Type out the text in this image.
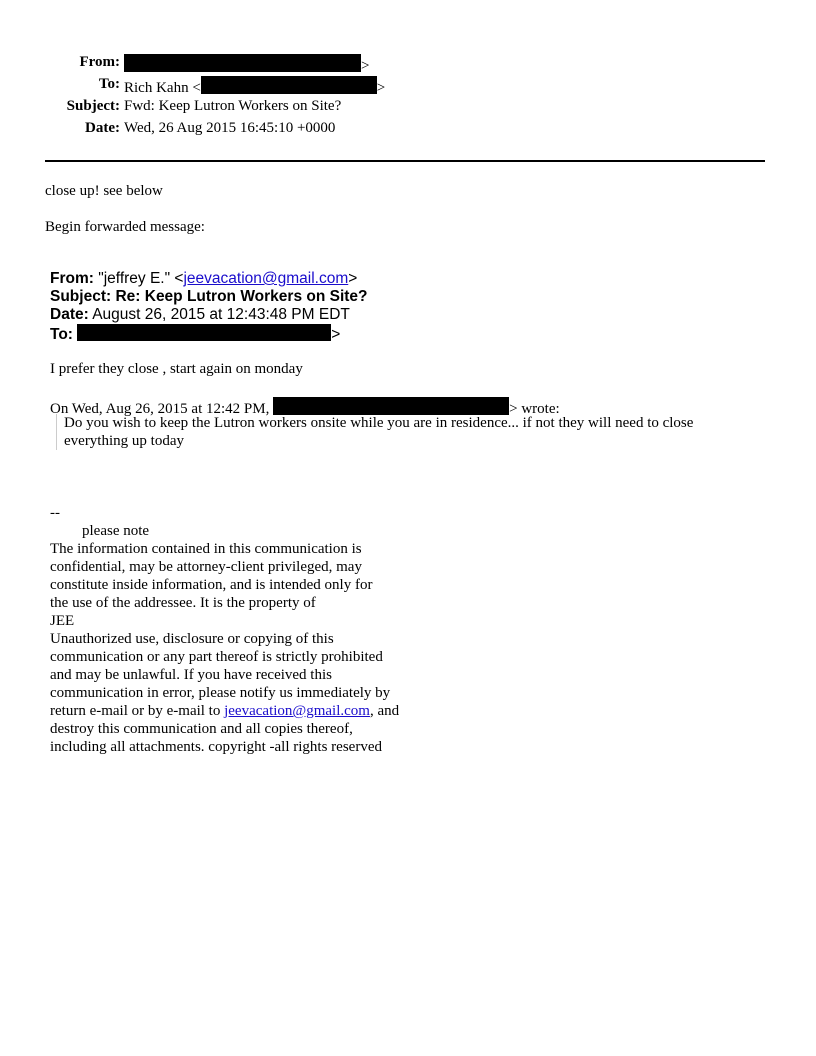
From:	>
To: Rich Kahn <	>
Subject: Fwd: Keep Lutron Workers on Site?
Date: Wed, 26 Aug 2015 16:45:10 +0000
close up! see below
Begin forwarded message:
From: "jeffrey E." <jeevacation@gmail.com>
Subject: Re: Keep Lutron Workers on Site?
Date: August 26, 2015 at 12:43:48 PM EDT
To:	>
I prefer they close , start again on monday
On Wed, Aug 26, 2015 at 12:42 PM,	> wrote:
Do you wish to keep the Lutron workers onsite while you are in residence... if not they will need to close everything up today
--
please note
The information contained in this communication is
confidential, may be attorney-client privileged, may
constitute inside information, and is intended only for
the use of the addressee. It is the property of
JEE
Unauthorized use, disclosure or copying of this
communication or any part thereof is strictly prohibited
and may be unlawful. If you have received this
communication in error, please notify us immediately by
return e-mail or by e-mail to jeevacation@gmail.com, and
destroy this communication and all copies thereof,
including all attachments. copyright -all rights reserved
